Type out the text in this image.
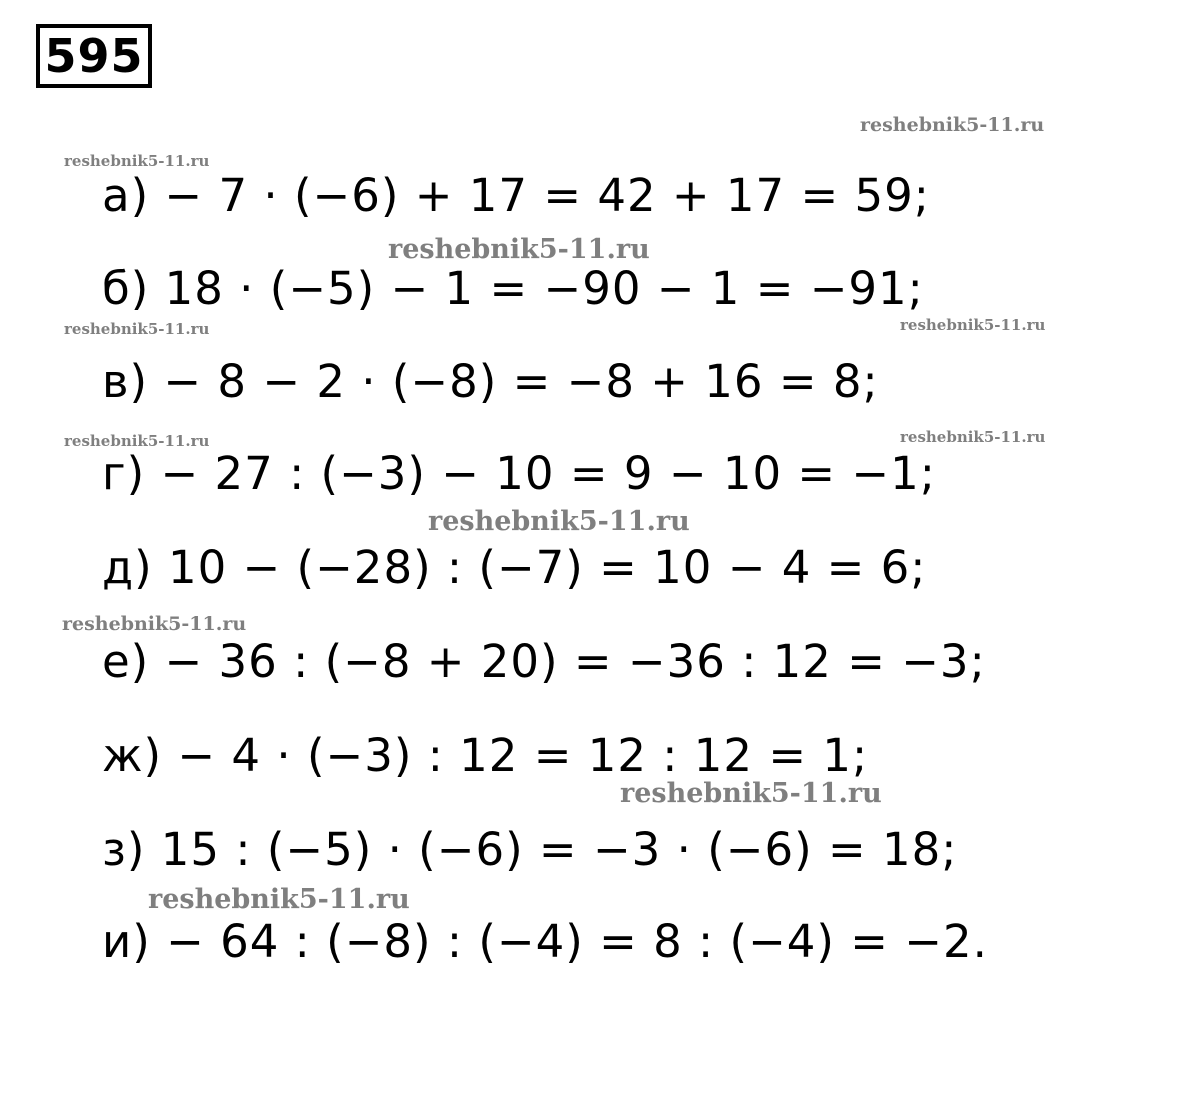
595
а) − 7 · (−6) + 17 = 42 + 17 = 59;
б) 18 · (−5) − 1 = −90 − 1 = −91;
в) − 8 − 2 · (−8) = −8 + 16 = 8;
г) − 27 : (−3) − 10 = 9 − 10 = −1;
д) 10 − (−28) : (−7) = 10 − 4 = 6;
е) − 36 : (−8 + 20) = −36 : 12 = −3;
ж) − 4 · (−3) : 12 = 12 : 12 = 1;
з) 15 : (−5) · (−6) = −3 · (−6) = 18;
и) − 64 : (−8) : (−4) = 8 : (−4) = −2.
reshebnik5-11.ru
reshebnik5-11.ru
reshebnik5-11.ru
reshebnik5-11.ru	reshebnik5-11.ru
reshebnik5-11.ru	reshebnik5-11.ru
reshebnik5-11.ru
reshebnik5-11.ru
reshebnik5-11.ru
reshebnik5-11.ru
